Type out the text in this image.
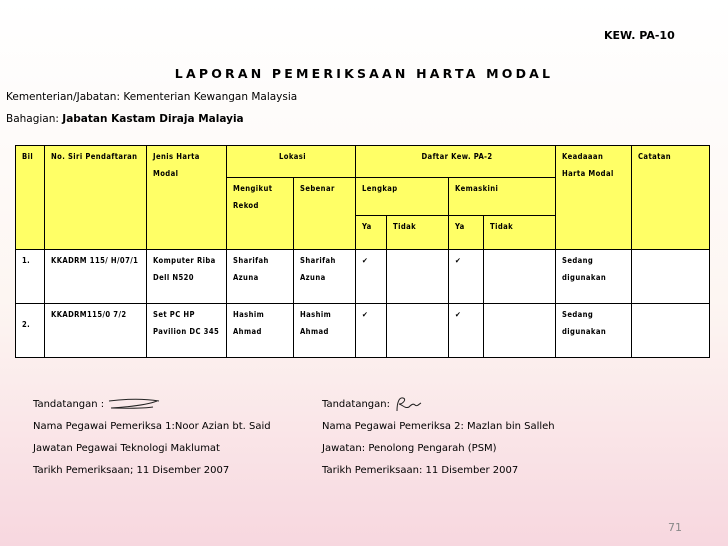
KEW. PA-10
LAPORAN PEMERIKSAAN HARTA MODAL
Kementerian/Jabatan: Kementerian Kewangan Malaysia
Bahagian: Jabatan Kastam Diraja Malayia
Bil	No. Siri Pendaftaran	Jenis Harta Modal	Lokasi		Daftar Kew. PA-2				Keadaaan Harta Modal	Catatan
			Mengikut Rekod	Sebenar	Lengkap		Kemaskini			
					Ya	Tidak	Ya	Tidak		
1.	KKADRM 115/ H/07/1	Komputer Riba Dell N520	Sharifah Azuna	Sharifah Azuna	✔		✔		Sedang digunakan	
2.	KKADRM115/0 7/2	Set PC HP Pavilion DC 345	Hashim Ahmad	Hashim Ahmad	✔		✔		Sedang digunakan	
Tandatangan :
Nama Pegawai Pemeriksa 1:Noor Azian bt. Said
Jawatan Pegawai Teknologi Maklumat
Tarikh Pemeriksaan; 11 Disember 2007
Tandatangan:
Nama Pegawai Pemeriksa 2: Mazlan bin Salleh
Jawatan: Penolong Pengarah (PSM)
Tarikh Pemeriksaan: 11 Disember 2007
71
